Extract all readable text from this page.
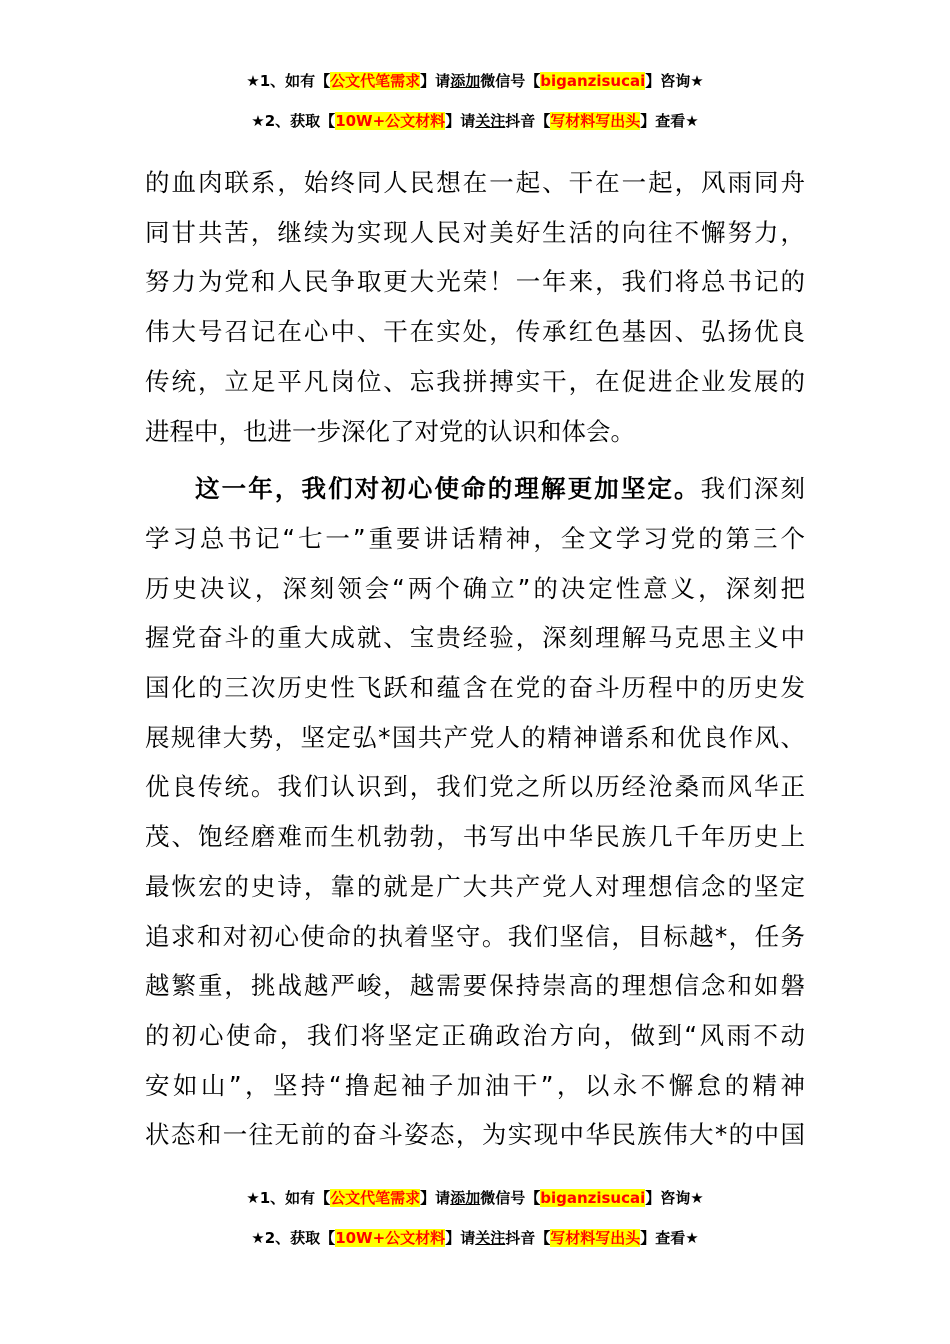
★1、如有【公文代笔需求】请添加微信号【biganzisucai】咨询★
★2、获取【10W+公文材料】请关注抖音【写材料写出头】查看★

的血肉联系，始终同人民想在一起、干在一起，风雨同舟
同甘共苦，继续为实现人民对美好生活的向往不懈努力，
努力为党和人民争取更大光荣！一年来，我们将总书记的
伟大号召记在心中、干在实处，传承红色基因、弘扬优良
传统，立足平凡岗位、忘我拼搏实干，在促进企业发展的
进程中，也进一步深化了对党的认识和体会。

这一年，我们对初心使命的理解更加坚定。我们深刻
学习总书记“七一”重要讲话精神，全文学习党的第三个
历史决议，深刻领会“两个确立”的决定性意义，深刻把
握党奋斗的重大成就、宝贵经验，深刻理解马克思主义中
国化的三次历史性飞跃和蕴含在党的奋斗历程中的历史发
展规律大势，坚定弘*国共产党人的精神谱系和优良作风、
优良传统。我们认识到，我们党之所以历经沧桑而风华正
茂、饱经磨难而生机勃勃，书写出中华民族几千年历史上
最恢宏的史诗，靠的就是广大共产党人对理想信念的坚定
追求和对初心使命的执着坚守。我们坚信，目标越*，任务
越繁重，挑战越严峻，越需要保持崇高的理想信念和如磐
的初心使命，我们将坚定正确政治方向，做到“风雨不动
安如山”，坚持“撸起袖子加油干”，以永不懈怠的精神
状态和一往无前的奋斗姿态，为实现中华民族伟大*的中国

★1、如有【公文代笔需求】请添加微信号【biganzisucai】咨询★
★2、获取【10W+公文材料】请关注抖音【写材料写出头】查看★
